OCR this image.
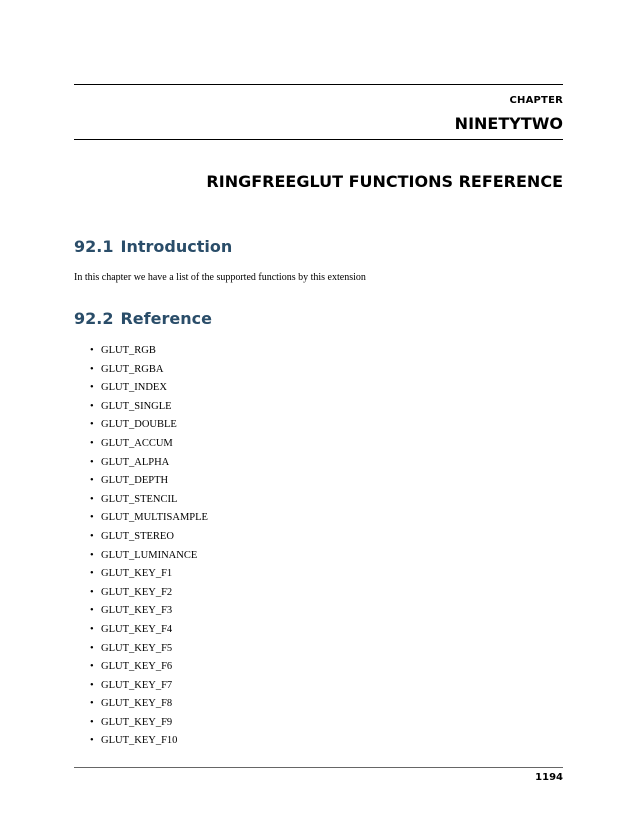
CHAPTER
NINETYTWO
RINGFREEGLUT FUNCTIONS REFERENCE
92.1 Introduction
In this chapter we have a list of the supported functions by this extension
92.2 Reference
• GLUT_RGB
• GLUT_RGBA
• GLUT_INDEX
• GLUT_SINGLE
• GLUT_DOUBLE
• GLUT_ACCUM
• GLUT_ALPHA
• GLUT_DEPTH
• GLUT_STENCIL
• GLUT_MULTISAMPLE
• GLUT_STEREO
• GLUT_LUMINANCE
• GLUT_KEY_F1
• GLUT_KEY_F2
• GLUT_KEY_F3
• GLUT_KEY_F4
• GLUT_KEY_F5
• GLUT_KEY_F6
• GLUT_KEY_F7
• GLUT_KEY_F8
• GLUT_KEY_F9
• GLUT_KEY_F10
1194
